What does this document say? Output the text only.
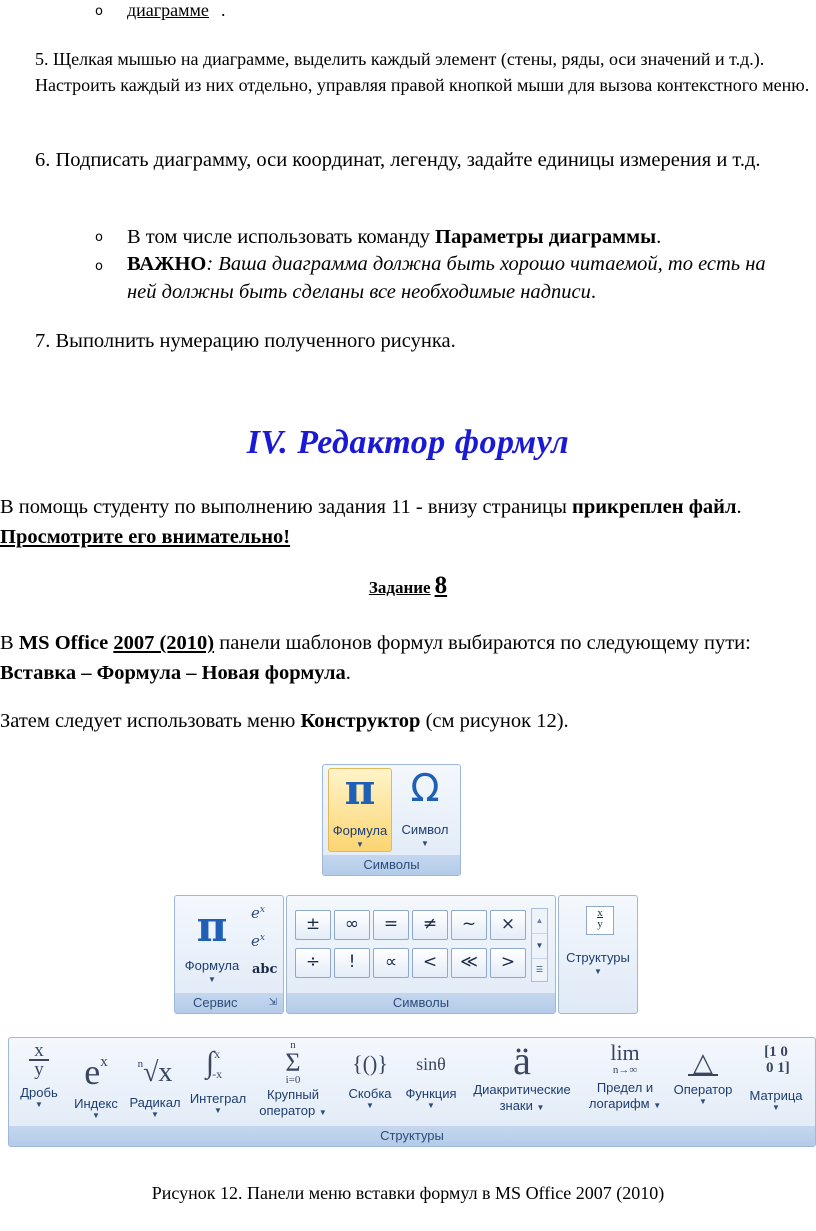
o диаграмме .
5. Щелкая мышью на диаграмме, выделить каждый элемент (стены, ряды, оси значений и т.д.). Настроить каждый из них отдельно, управляя правой кнопкой мыши для вызова контекстного меню.
6. Подписать диаграмму, оси координат, легенду, задайте единицы измерения и т.д.
o В том числе использовать команду Параметры диаграммы.
o ВАЖНО: Ваша диаграмма должна быть хорошо читаемой, то есть на ней должны быть сделаны все необходимые надписи.
7. Выполнить нумерацию полученного рисунка.
IV. Редактор формул
В помощь студенту по выполнению задания 11 - внизу страницы прикреплен файл. Просмотрите его внимательно!
Задание 8
В MS Office 2007 (2010) панели шаблонов формул выбираются по следующему пути: Вставка – Формула – Новая формула.
Затем следует использовать меню Конструктор (см рисунок 12).
π
Формула
▼
Ω
Символ
▼
Символы
π
Формула
▼
$e^x$
$e^x$
abc
Сервис	⇲
±	∞	=	≠	~	×
÷	!	∝	<	≪	>
▲
▼
☰
Символы
x
y
Структуры
▼
x
y
Дробь
▼
$e^x$
Индекс
▼
$^n$√x
Радикал
▼
∫$^x_{-x}$
Интеграл
▼
n
Σ
i=0
Крупный
оператор ▼
{()}
Скобка
▼
sinθ
Функция
▼
ä
Диакритические
знаки ▼
lim
n→∞
Предел и
логарифм ▼
△
Оператор
▼
[1 0
0 1]
Матрица
▼
Структуры
Рисунок 12. Панели меню вставки формул в MS Office 2007 (2010)
